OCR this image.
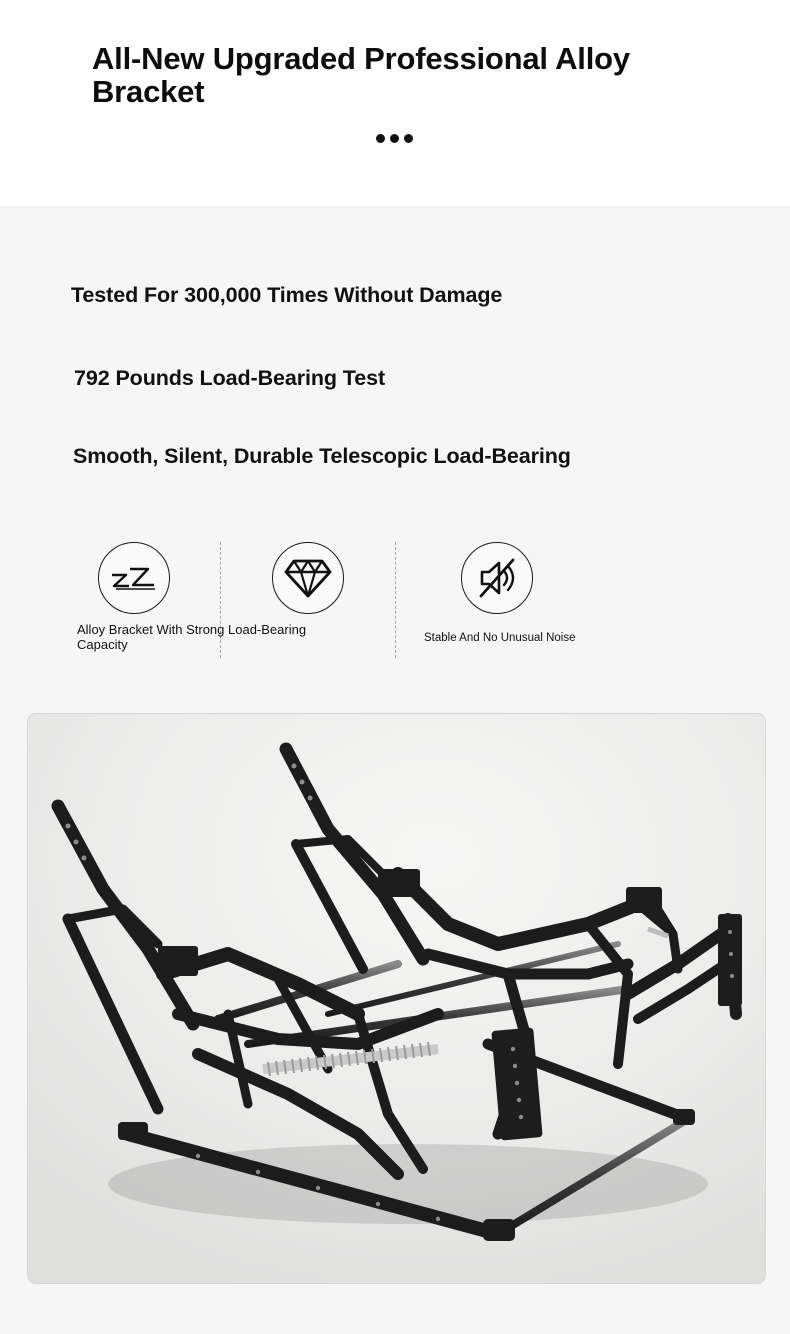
All-New Upgraded Professional Alloy Bracket
Tested For 300,000 Times Without Damage
792 Pounds Load-Bearing Test
Smooth, Silent, Durable Telescopic Load-Bearing
Alloy Bracket With Strong Load-Bearing Capacity	Stable And No Unusual Noise
